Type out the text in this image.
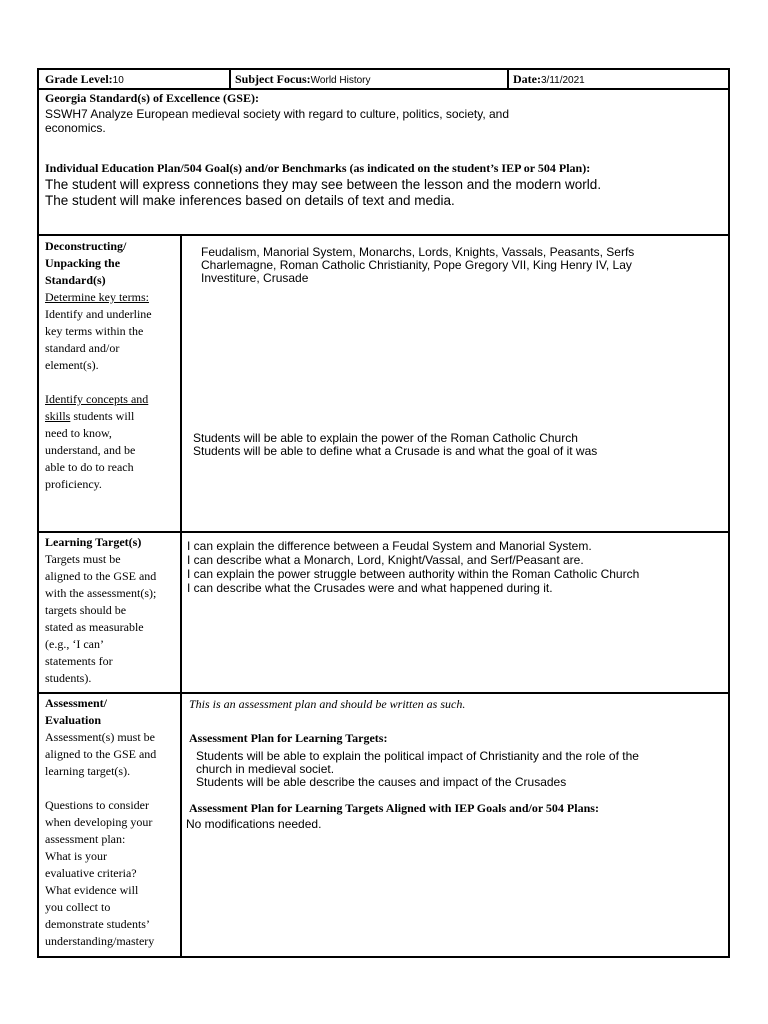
Grade Level:10	Subject Focus:World History	Date:3/11/2021
Georgia Standard(s) of Excellence (GSE):
SSWH7 Analyze European medieval society with regard to culture, politics, society, and
economics.
Individual Education Plan/504 Goal(s) and/or Benchmarks (as indicated on the student’s IEP or 504 Plan):
The student will express connetions they may see between the lesson and the modern world.
The student will make inferences based on details of text and media.
Deconstructing/
Unpacking the
Standard(s)
Determine key terms:
Identify and underline
key terms within the
standard and/or
element(s).
Identify concepts and
skills students will
need to know,
understand, and be
able to do to reach
proficiency.
Feudalism, Manorial System, Monarchs, Lords, Knights, Vassals, Peasants, Serfs
Charlemagne, Roman Catholic Christianity, Pope Gregory VII, King Henry IV, Lay
Investiture, Crusade
Students will be able to explain the power of the Roman Catholic Church
Students will be able to define what a Crusade is and what the goal of it was
Learning Target(s)
Targets must be
aligned to the GSE and
with the assessment(s);
targets should be
stated as measurable
(e.g., ‘I can’
statements for
students).
I can explain the difference between a Feudal System and Manorial System.
I can describe what a Monarch, Lord, Knight/Vassal, and Serf/Peasant are.
I can explain the power struggle between authority within the Roman Catholic Church
I can describe what the Crusades were and what happened during it.
Assessment/
Evaluation
Assessment(s) must be
aligned to the GSE and
learning target(s).
Questions to consider
when developing your
assessment plan:
What is your
evaluative criteria?
What evidence will
you collect to
demonstrate students’
understanding/mastery
This is an assessment plan and should be written as such.
Assessment Plan for Learning Targets:
Students will be able to explain the political impact of Christianity and the role of the
church in medieval societ.
Students will be able describe the causes and impact of the Crusades
Assessment Plan for Learning Targets Aligned with IEP Goals and/or 504 Plans:
No modifications needed.
